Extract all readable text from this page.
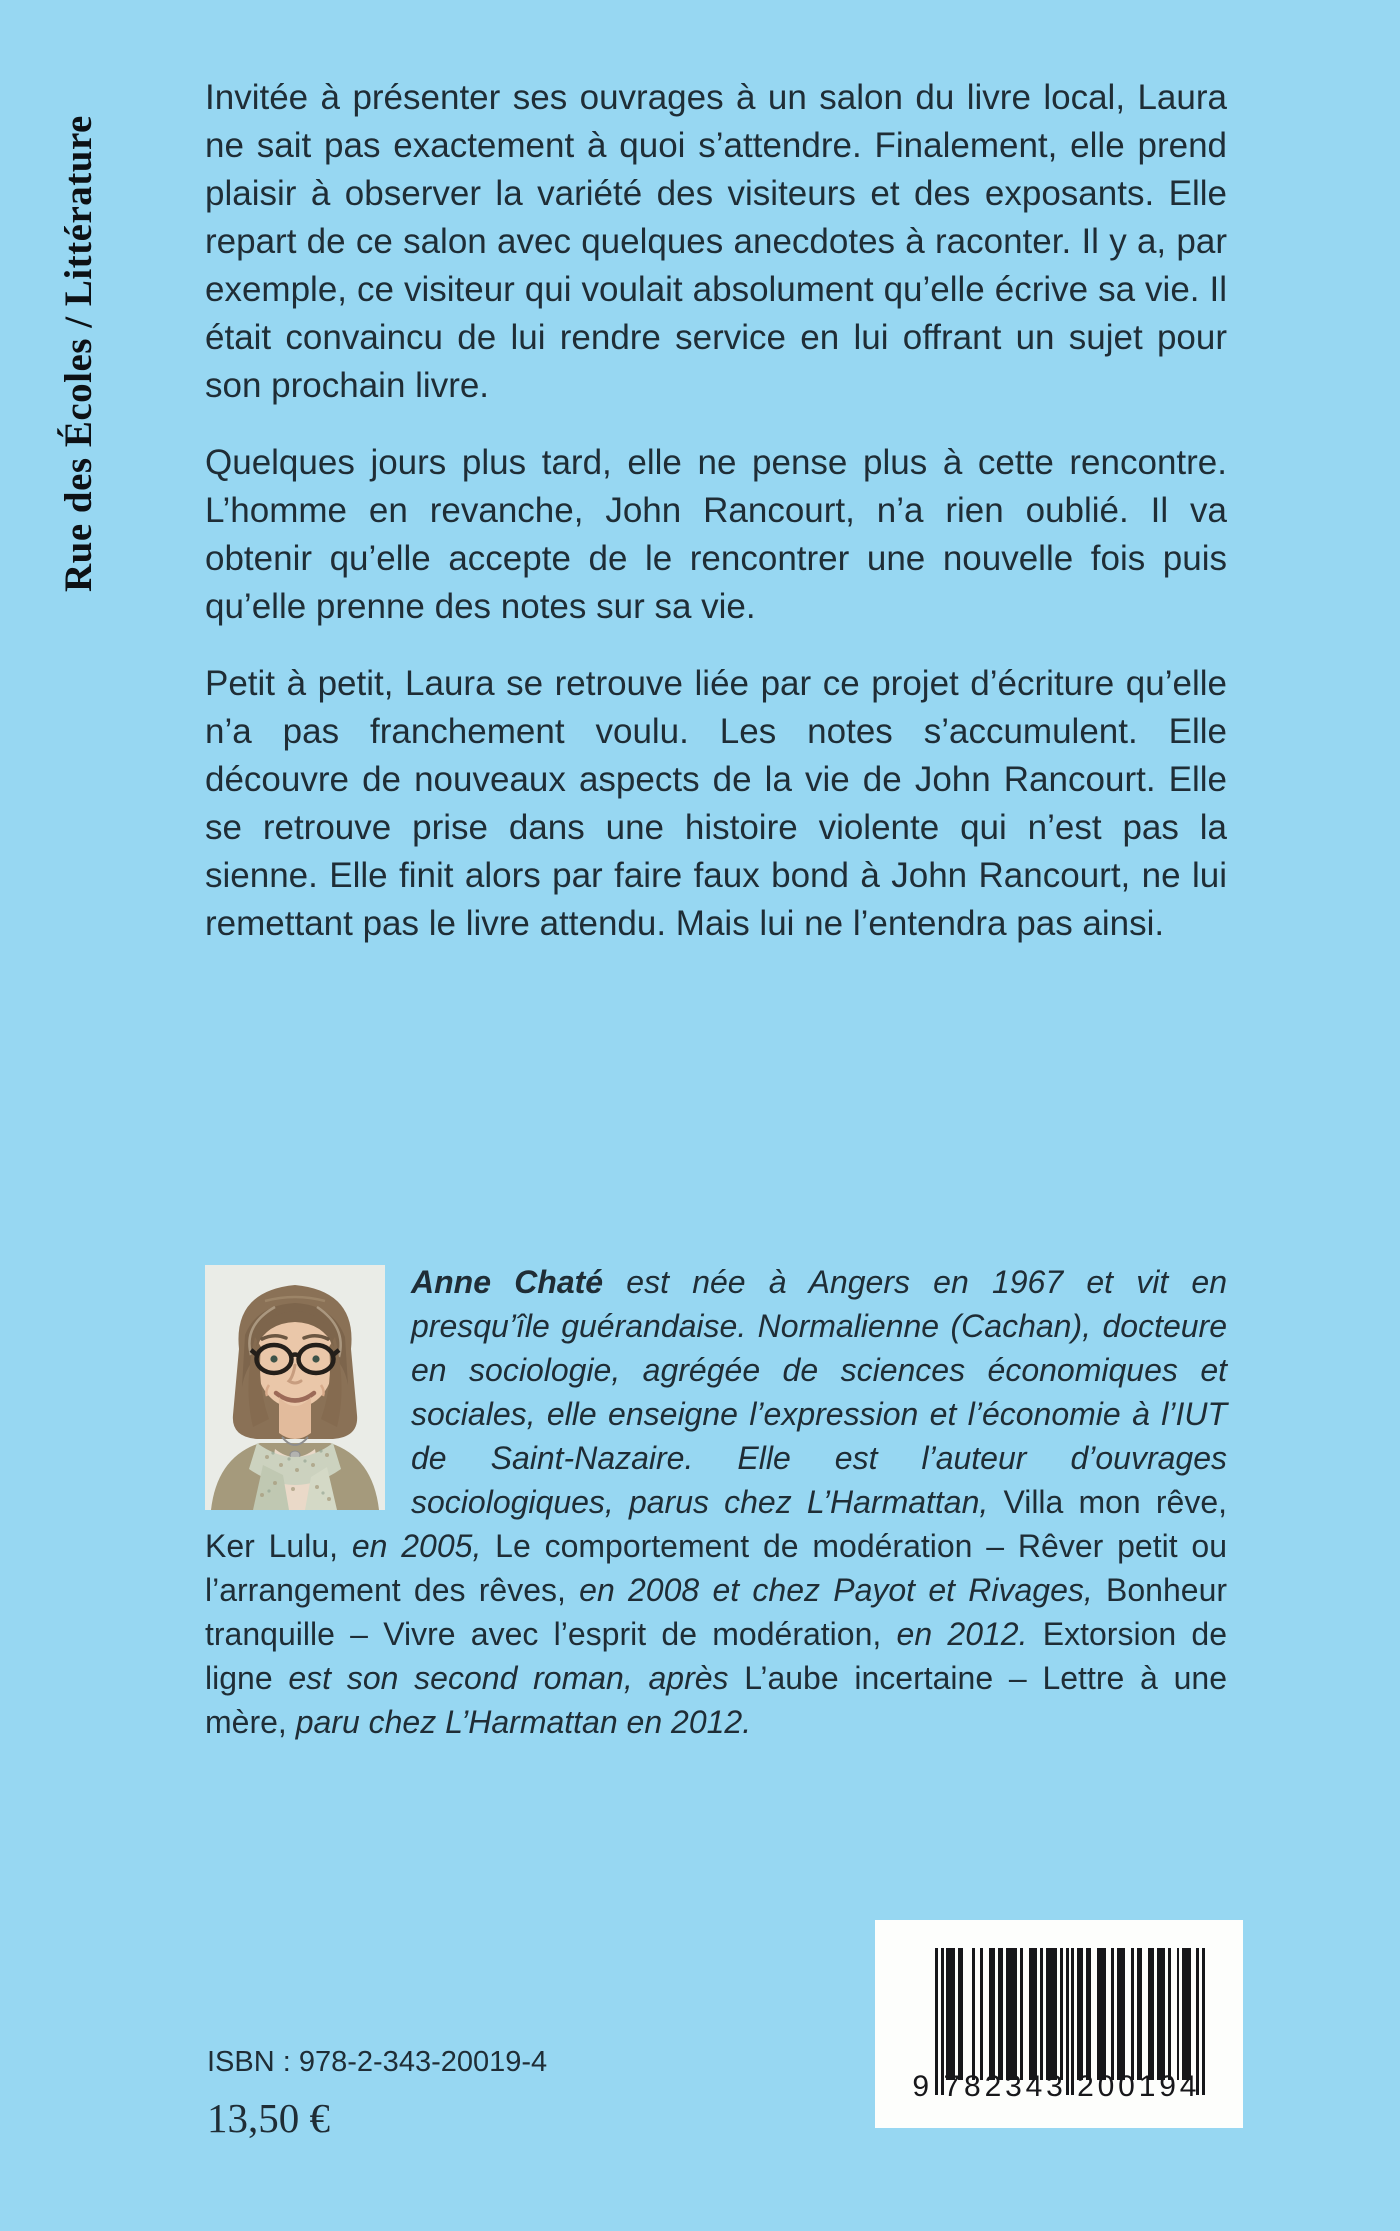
Rue des Écoles / Littérature

Invitée à présenter ses ouvrages à un salon du livre local, Laura ne sait pas exactement à quoi s’attendre. Finalement, elle prend plaisir à observer la variété des visiteurs et des exposants. Elle repart de ce salon avec quelques anecdotes à raconter. Il y a, par exemple, ce visiteur qui voulait absolument qu’elle écrive sa vie. Il était convaincu de lui rendre service en lui offrant un sujet pour son prochain livre.

Quelques jours plus tard, elle ne pense plus à cette rencontre. L’homme en revanche, John Rancourt, n’a rien oublié. Il va obtenir qu’elle accepte de le rencontrer une nouvelle fois puis qu’elle prenne des notes sur sa vie.

Petit à petit, Laura se retrouve liée par ce projet d’écriture qu’elle n’a pas franchement voulu. Les notes s’accumulent. Elle découvre de nouveaux aspects de la vie de John Rancourt. Elle se retrouve prise dans une histoire violente qui n’est pas la sienne. Elle finit alors par faire faux bond à John Rancourt, ne lui remettant pas le livre attendu. Mais lui ne l’entendra pas ainsi.

Anne Chaté est née à Angers en 1967 et vit en presqu’île guérandaise. Normalienne (Cachan), docteure en sociologie, agrégée de sciences économiques et sociales, elle enseigne l’expression et l’économie à l’IUT de Saint-Nazaire. Elle est l’auteur d’ouvrages sociologiques, parus chez L’Harmattan, Villa mon rêve, Ker Lulu, en 2005, Le comportement de modération – Rêver petit ou l’arrangement des rêves, en 2008 et chez Payot et Rivages, Bonheur tranquille – Vivre avec l’esprit de modération, en 2012. Extorsion de ligne est son second roman, après L’aube incertaine – Lettre à une mère, paru chez L’Harmattan en 2012.
ISBN : 978-2-343-20019-4
13,50 €
9 7 8 2 3 4 3 2 0 0 1 9 4
